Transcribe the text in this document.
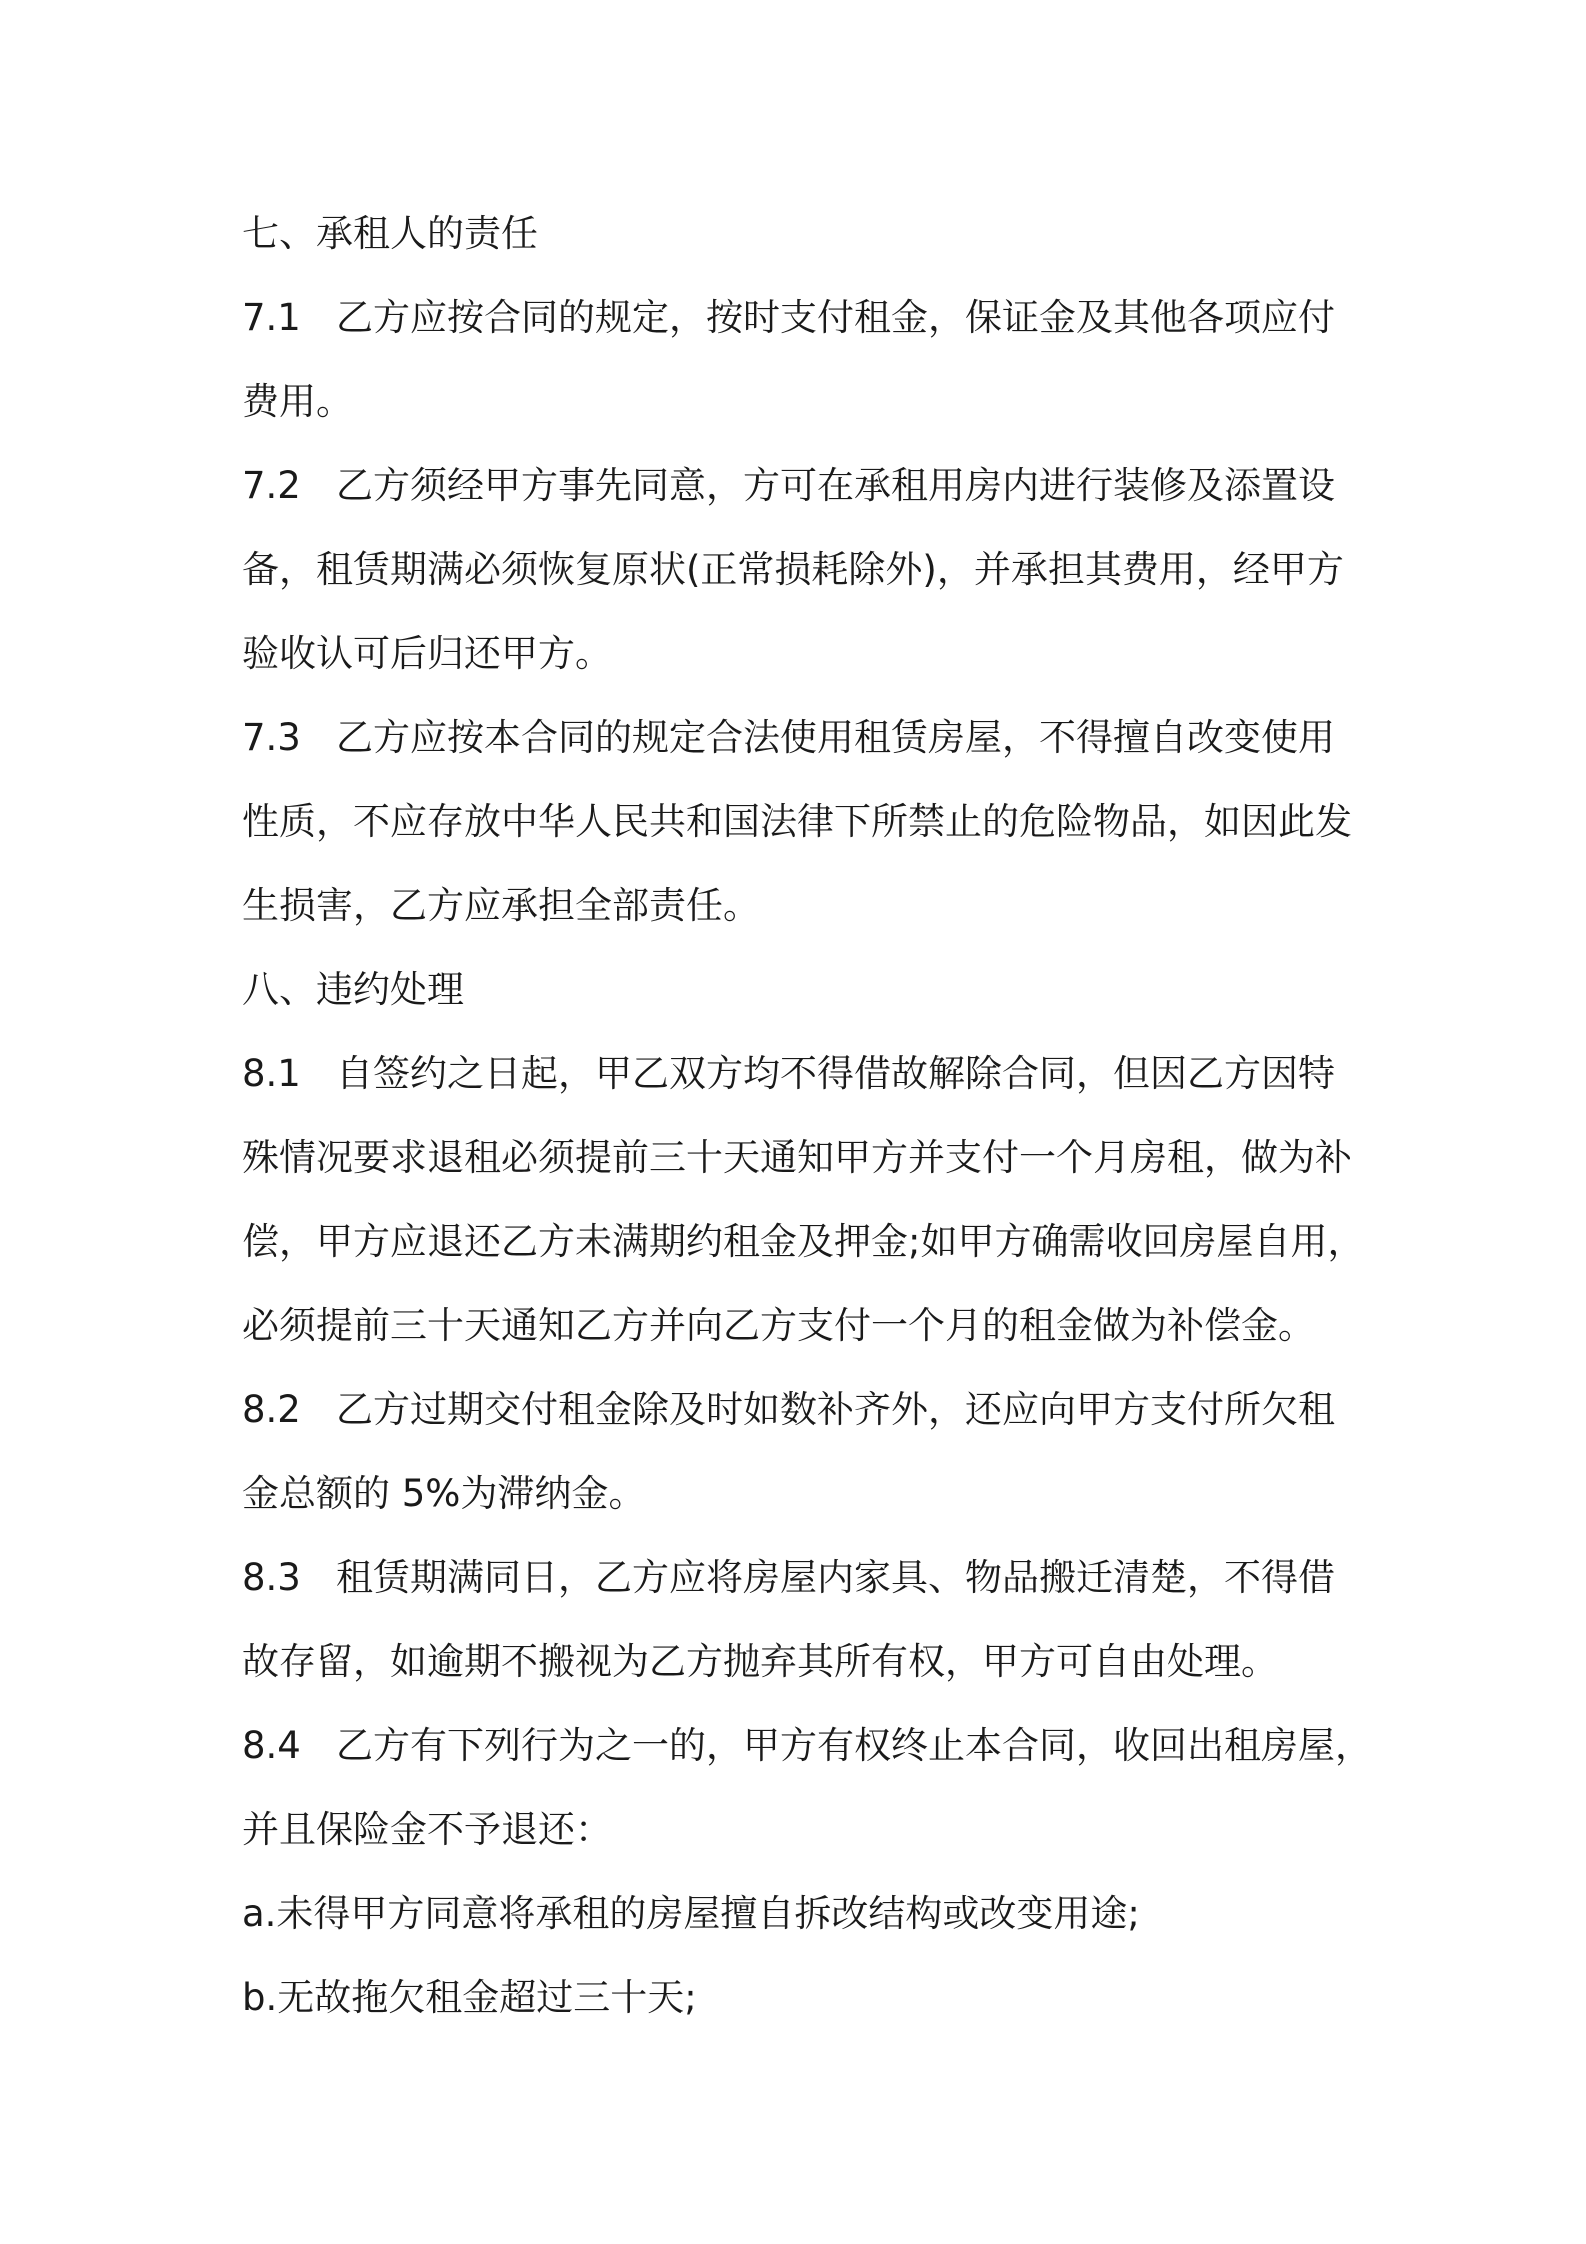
七、承租人的责任
7.1 乙方应按合同的规定，按时支付租金，保证金及其他各项应付
费用。
7.2 乙方须经甲方事先同意，方可在承租用房内进行装修及添置设
备，租赁期满必须恢复原状(正常损耗除外)，并承担其费用，经甲方
验收认可后归还甲方。
7.3 乙方应按本合同的规定合法使用租赁房屋，不得擅自改变使用
性质，不应存放中华人民共和国法律下所禁止的危险物品，如因此发
生损害，乙方应承担全部责任。
八、违约处理
8.1 自签约之日起，甲乙双方均不得借故解除合同，但因乙方因特
殊情况要求退租必须提前三十天通知甲方并支付一个月房租，做为补
偿，甲方应退还乙方未满期约租金及押金;如甲方确需收回房屋自用，
必须提前三十天通知乙方并向乙方支付一个月的租金做为补偿金。
8.2 乙方过期交付租金除及时如数补齐外，还应向甲方支付所欠租
金总额的 5%为滞纳金。
8.3 租赁期满同日，乙方应将房屋内家具、物品搬迁清楚，不得借
故存留，如逾期不搬视为乙方抛弃其所有权，甲方可自由处理。
8.4 乙方有下列行为之一的，甲方有权终止本合同，收回出租房屋，
并且保险金不予退还：
a.未得甲方同意将承租的房屋擅自拆改结构或改变用途;
b.无故拖欠租金超过三十天;
